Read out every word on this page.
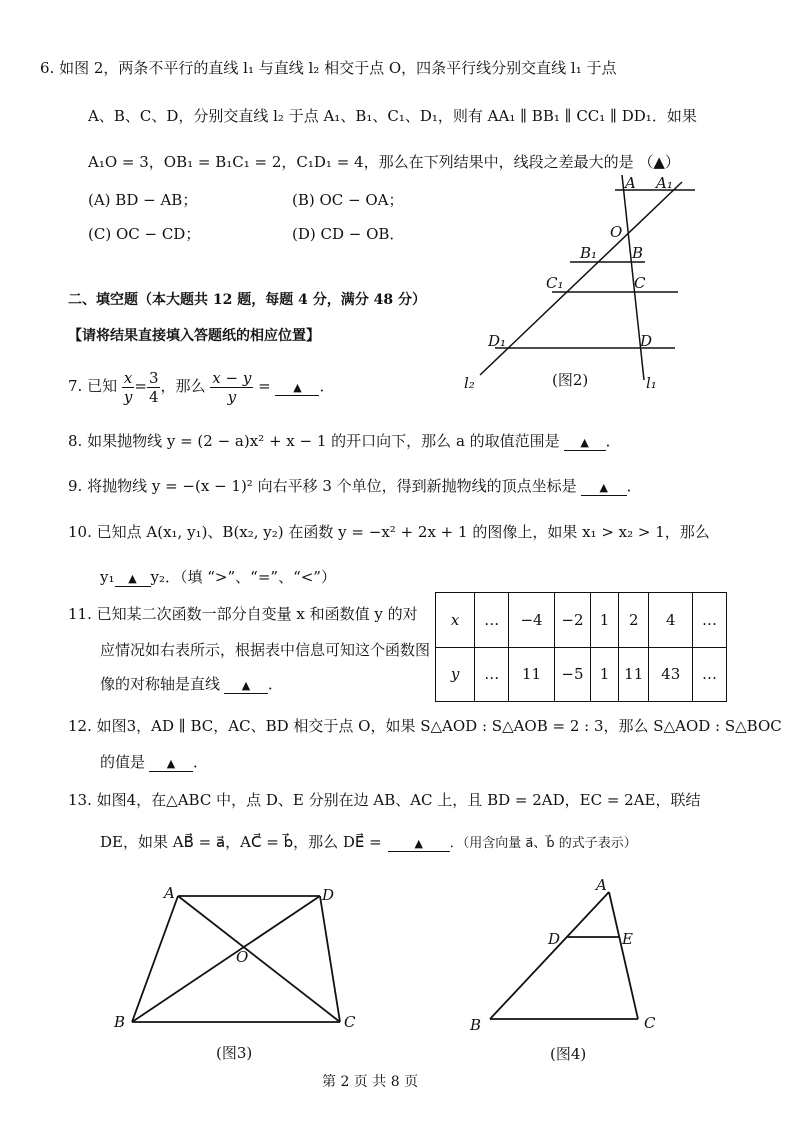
6. 如图 2，两条不平行的直线 l₁ 与直线 l₂ 相交于点 O，四条平行线分别交直线 l₁ 于点
A、B、C、D，分别交直线 l₂ 于点 A₁、B₁、C₁、D₁，则有 AA₁ ∥ BB₁ ∥ CC₁ ∥ DD₁．如果
A₁O = 3，OB₁ = B₁C₁ = 2，C₁D₁ = 4，那么在下列结果中，线段之差最大的是 （▲）
(A) BD − AB；	(B) OC − OA；
(C) OC − CD；	(D) CD − OB．
A A₁
O
B₁ B
C₁	C
D₁	D
l₂	l₁
(图2)
二、填空题（本大题共 12 题，每题 4 分，满分 48 分）
【请将结果直接填入答题纸的相应位置】
7. 已知 $\frac{x}{y} = \frac{3}{4}$ ，那么 $\frac{x - y}{y}$ = ▲ ．
8. 如果抛物线 y = (2 − a)x² + x − 1 的开口向下，那么 a 的取值范围是 ▲ ．
9. 将抛物线 y = −(x − 1)² 向右平移 3 个单位，得到新抛物线的顶点坐标是 ▲ ．
10. 已知点 A(x₁, y₁)、B(x₂, y₂) 在函数 y = −x² + 2x + 1 的图像上，如果 x₁ > x₂ > 1，那么
y₁ ▲ y₂．（填 “>”、“=”、“<”）
11. 已知某二次函数一部分自变量 x 和函数值 y 的对
应情况如右表所示，根据表中信息可知这个函数图
像的对称轴是直线 ▲ ．
x	…	−4	−2	1	2	4	…
y	…	11	−5	1	11	43	…
12. 如图3，AD ∥ BC，AC、BD 相交于点 O，如果 S△AOD : S△AOB = 2 : 3，那么 S△AOD : S△BOC
的值是 ▲ ．
13. 如图4，在△ABC 中，点 D、E 分别在边 AB、AC 上，且 BD = 2AD，EC = 2AE，联结
DE，如果 AB⃗ = a⃗，AC⃗ = b⃗，那么 DE⃗ =	▲ ．（用含向量 a⃗、b⃗ 的式子表示）
A	D
O
B	C
(图3)
A
D	E
B	C
(图4)
第 2 页 共 8 页
